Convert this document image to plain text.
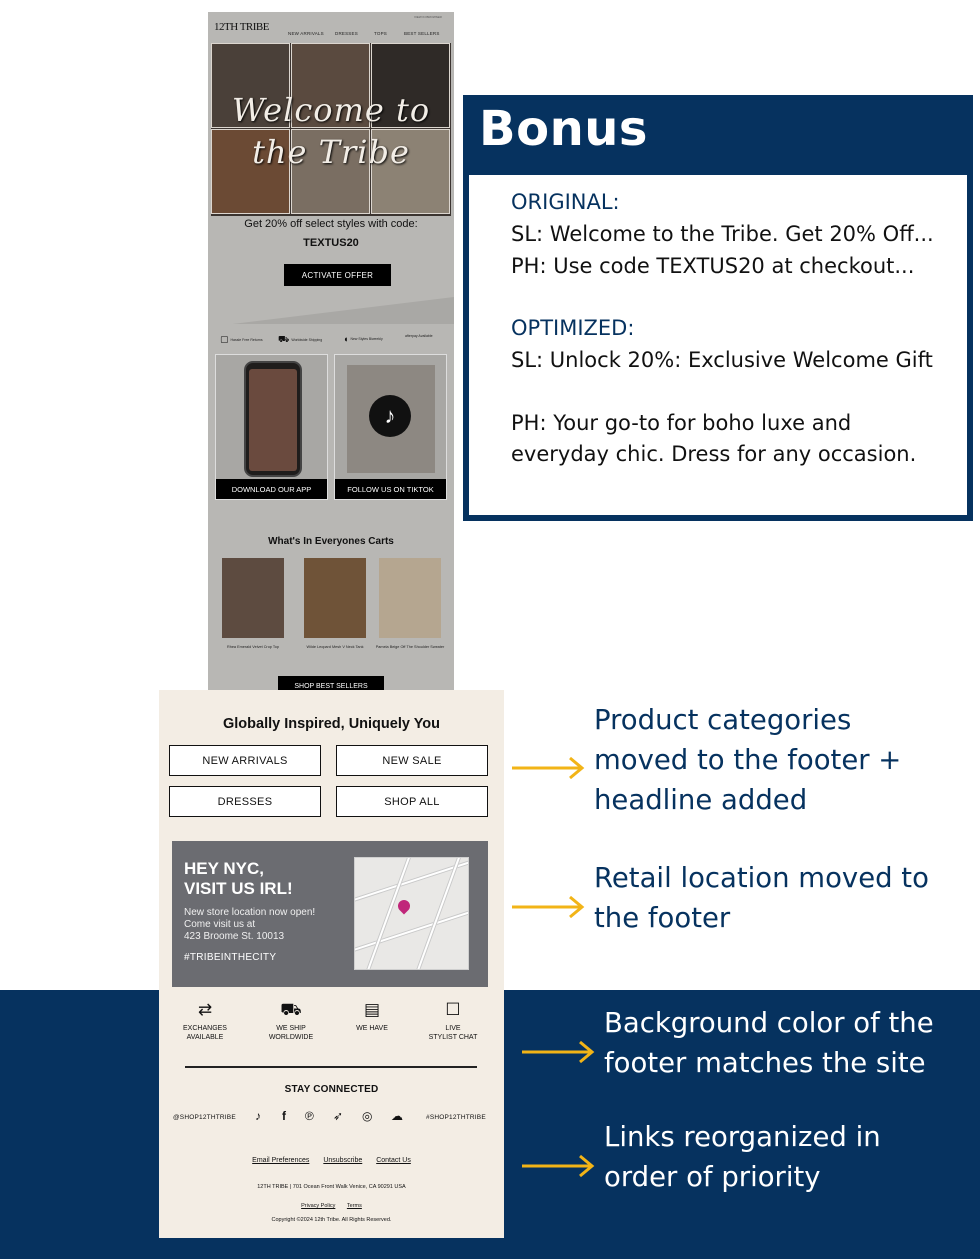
12TH TRIBE
VIEW IN BROWSER
NEW ARRIVALS DRESSES	TOPS	BEST SELLERS
Welcome to
the Tribe
Get 20% off select styles with code:
TEXTUS20
ACTIVATE OFFER
▢ Hassle Free Returns ⛟ Worldwide Shipping ◖ New Styles Biweekly
afterpay Available
DOWNLOAD OUR APP
♪
FOLLOW US ON TIKTOK
What's In Everyones Carts
Rhea Emerald Velvet Crop Top	Wilde Leopard Mesh V Neck Tank	Pamela Beige Off The Shoulder Sweater
SHOP BEST SELLERS
Globally Inspired, Uniquely You
NEW ARRIVALS	NEW SALE
DRESSES	SHOP ALL
HEY NYC,
VISIT US IRL!
New store location now open!
Come visit us at
423 Broome St. 10013
#TRIBEINTHECITY
⇄
EXCHANGES
AVAILABLE
⛟
WE SHIP
WORLDWIDE
▤
WE HAVE
☐
LIVE
STYLIST CHAT
STAY CONNECTED
@SHOP12THTRIBE ♪ f ℗ ➶ ◎ ☁	#SHOP12THTRIBE
Email Preferences Unsubscribe Contact Us
12TH TRIBE | 701 Ocean Front Walk Venice, CA 90291 USA
Privacy Policy Terms
Copyright ©2024 12th Tribe. All Rights Reserved.
Bonus
ORIGINAL:
SL: Welcome to the Tribe. Get 20% Off...
PH: Use code TEXTUS20 at checkout...
OPTIMIZED:
SL: Unlock 20%: Exclusive Welcome Gift
PH: Your go-to for boho luxe and
everyday chic. Dress for any occasion.
Product categories
moved to the footer +
headline added
Retail location moved to
the footer
Background color of the
footer matches the site
Links reorganized in
order of priority
